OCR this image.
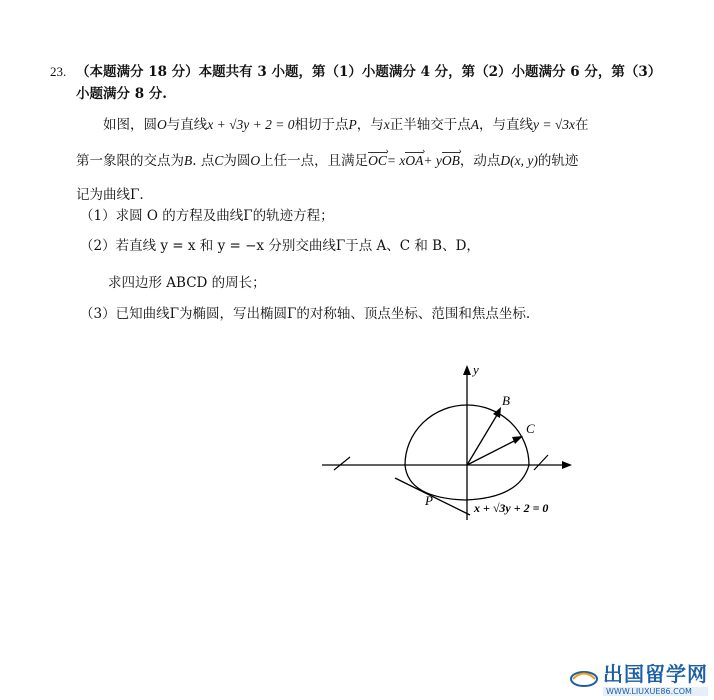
23. （本题满分 18 分）本题共有 3 小题，第（1）小题满分 4 分，第（2）小题满分 6 分，第（3）
小题满分 8 分.
如图，圆O与直线x + √3y + 2 = 0相切于点P，与x正半轴交于点A，与直线y = √3x在
第一象限的交点为B. 点C为圆O上任一点，且满足OC ›= xOA ›+ yOB ›，动点D(x, y)的轨迹
记为曲线Γ.
（1）求圆 O 的方程及曲线Γ的轨迹方程；
（2）若直线 y = x 和 y = −x 分别交曲线Γ于点 A、C 和 B、D，
求四边形 ABCD 的周长；
（3）已知曲线Γ为椭圆，写出椭圆Γ的对称轴、顶点坐标、范围和焦点坐标.
y
B
C
P	x + √3y + 2 = 0
出国留学网
WWW.LIUXUE86.COM
